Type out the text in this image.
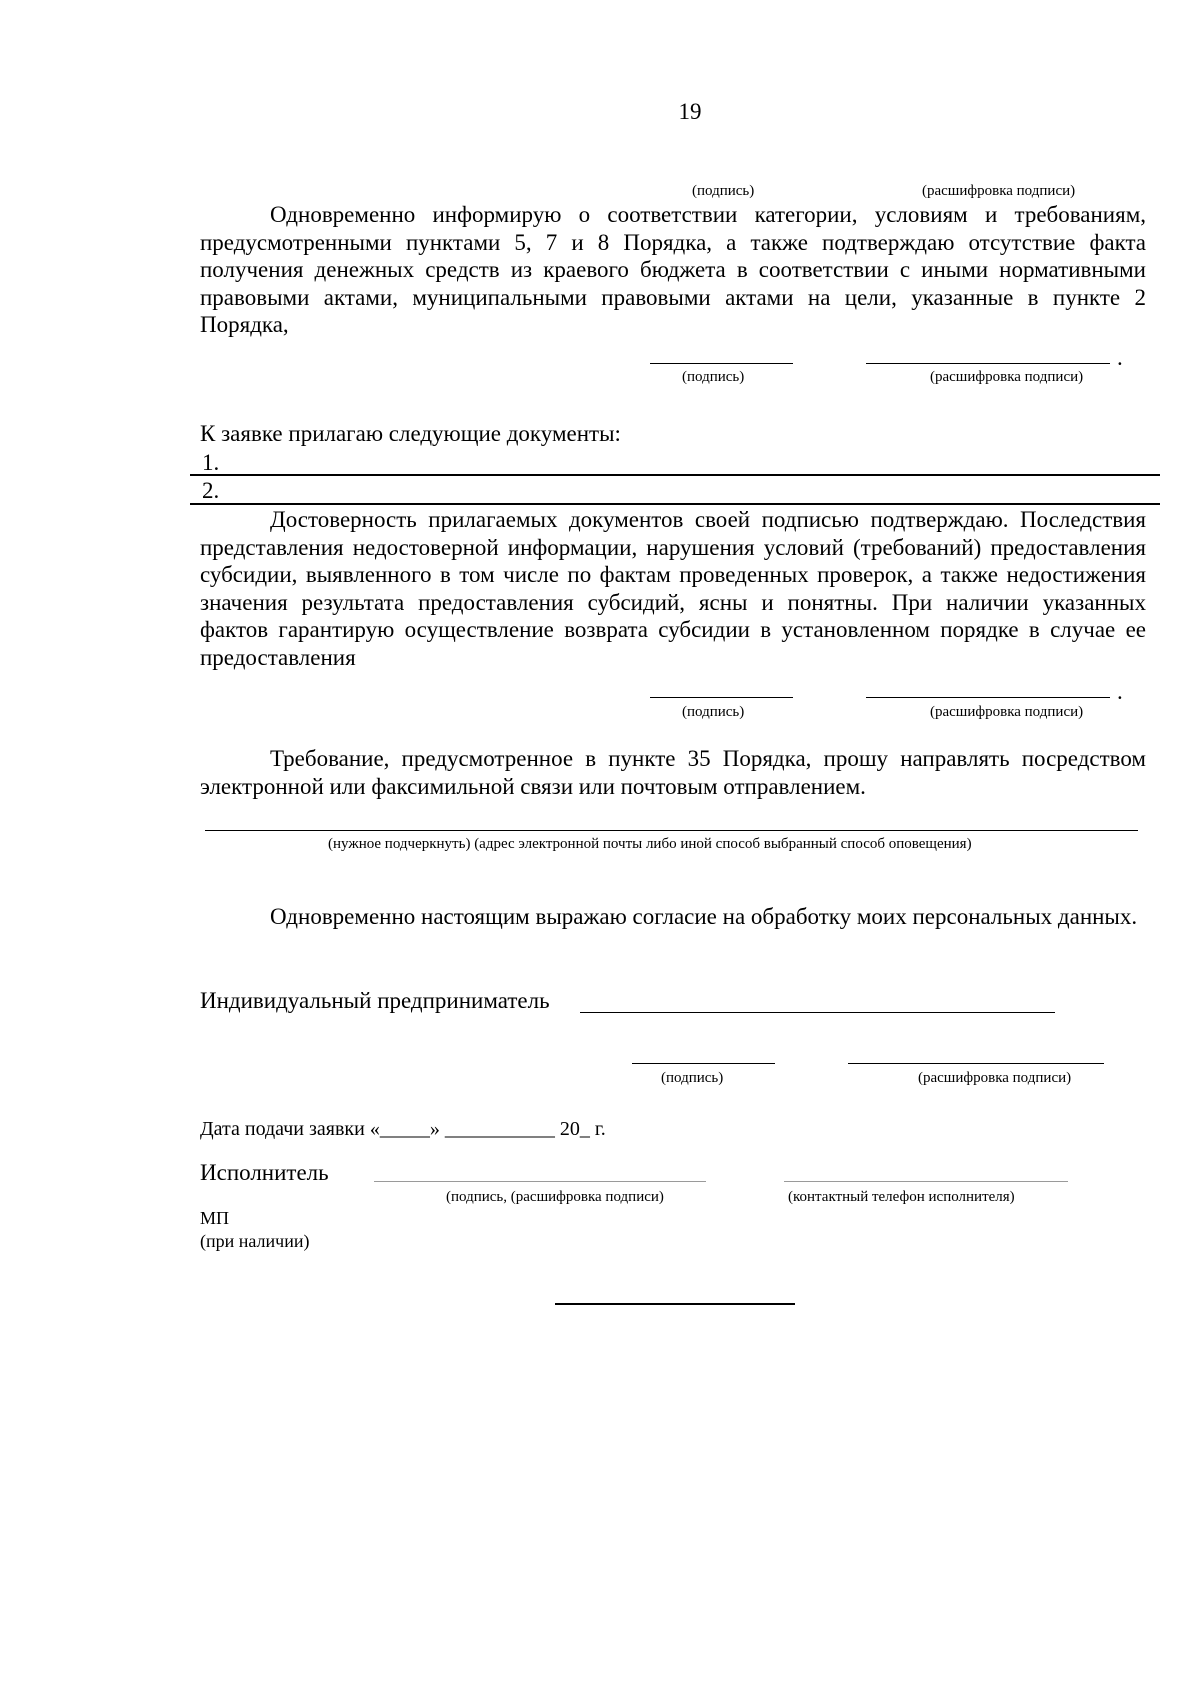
19
(подпись)	(расшифровка подписи)
Одновременно информирую о соответствии категории, условиям и требованиям, предусмотренными пунктами 5, 7 и 8 Порядка, а также подтверждаю отсутствие факта получения денежных средств из краевого бюджета в соответствии с иными нормативными правовыми актами, муниципальными правовыми актами на цели, указанные в пункте 2 Порядка,
.
(подпись)	(расшифровка подписи)
К заявке прилагаю следующие документы:
1.
2.
Достоверность прилагаемых документов своей подписью подтверждаю. Последствия представления недостоверной информации, нарушения условий (требований) предоставления субсидии, выявленного в том числе по фактам проведенных проверок, а также недостижения значения результата предоставления субсидий, ясны и понятны. При наличии указанных фактов гарантирую осуществление возврата субсидии в установленном порядке в случае ее предоставления
.
(подпись)	(расшифровка подписи)
Требование, предусмотренное в пункте 35 Порядка, прошу направлять посредством электронной или факсимильной связи или почтовым отправлением.
(нужное подчеркнуть) (адрес электронной почты либо иной способ выбранный способ оповещения)
Одновременно настоящим выражаю согласие на обработку моих персональных данных.
Индивидуальный предприниматель
(подпись)	(расшифровка подписи)
Дата подачи заявки «_____» ___________ 20_ г.
Исполнитель
(подпись, (расшифровка подписи)	(контактный телефон исполнителя)
МП
(при наличии)
